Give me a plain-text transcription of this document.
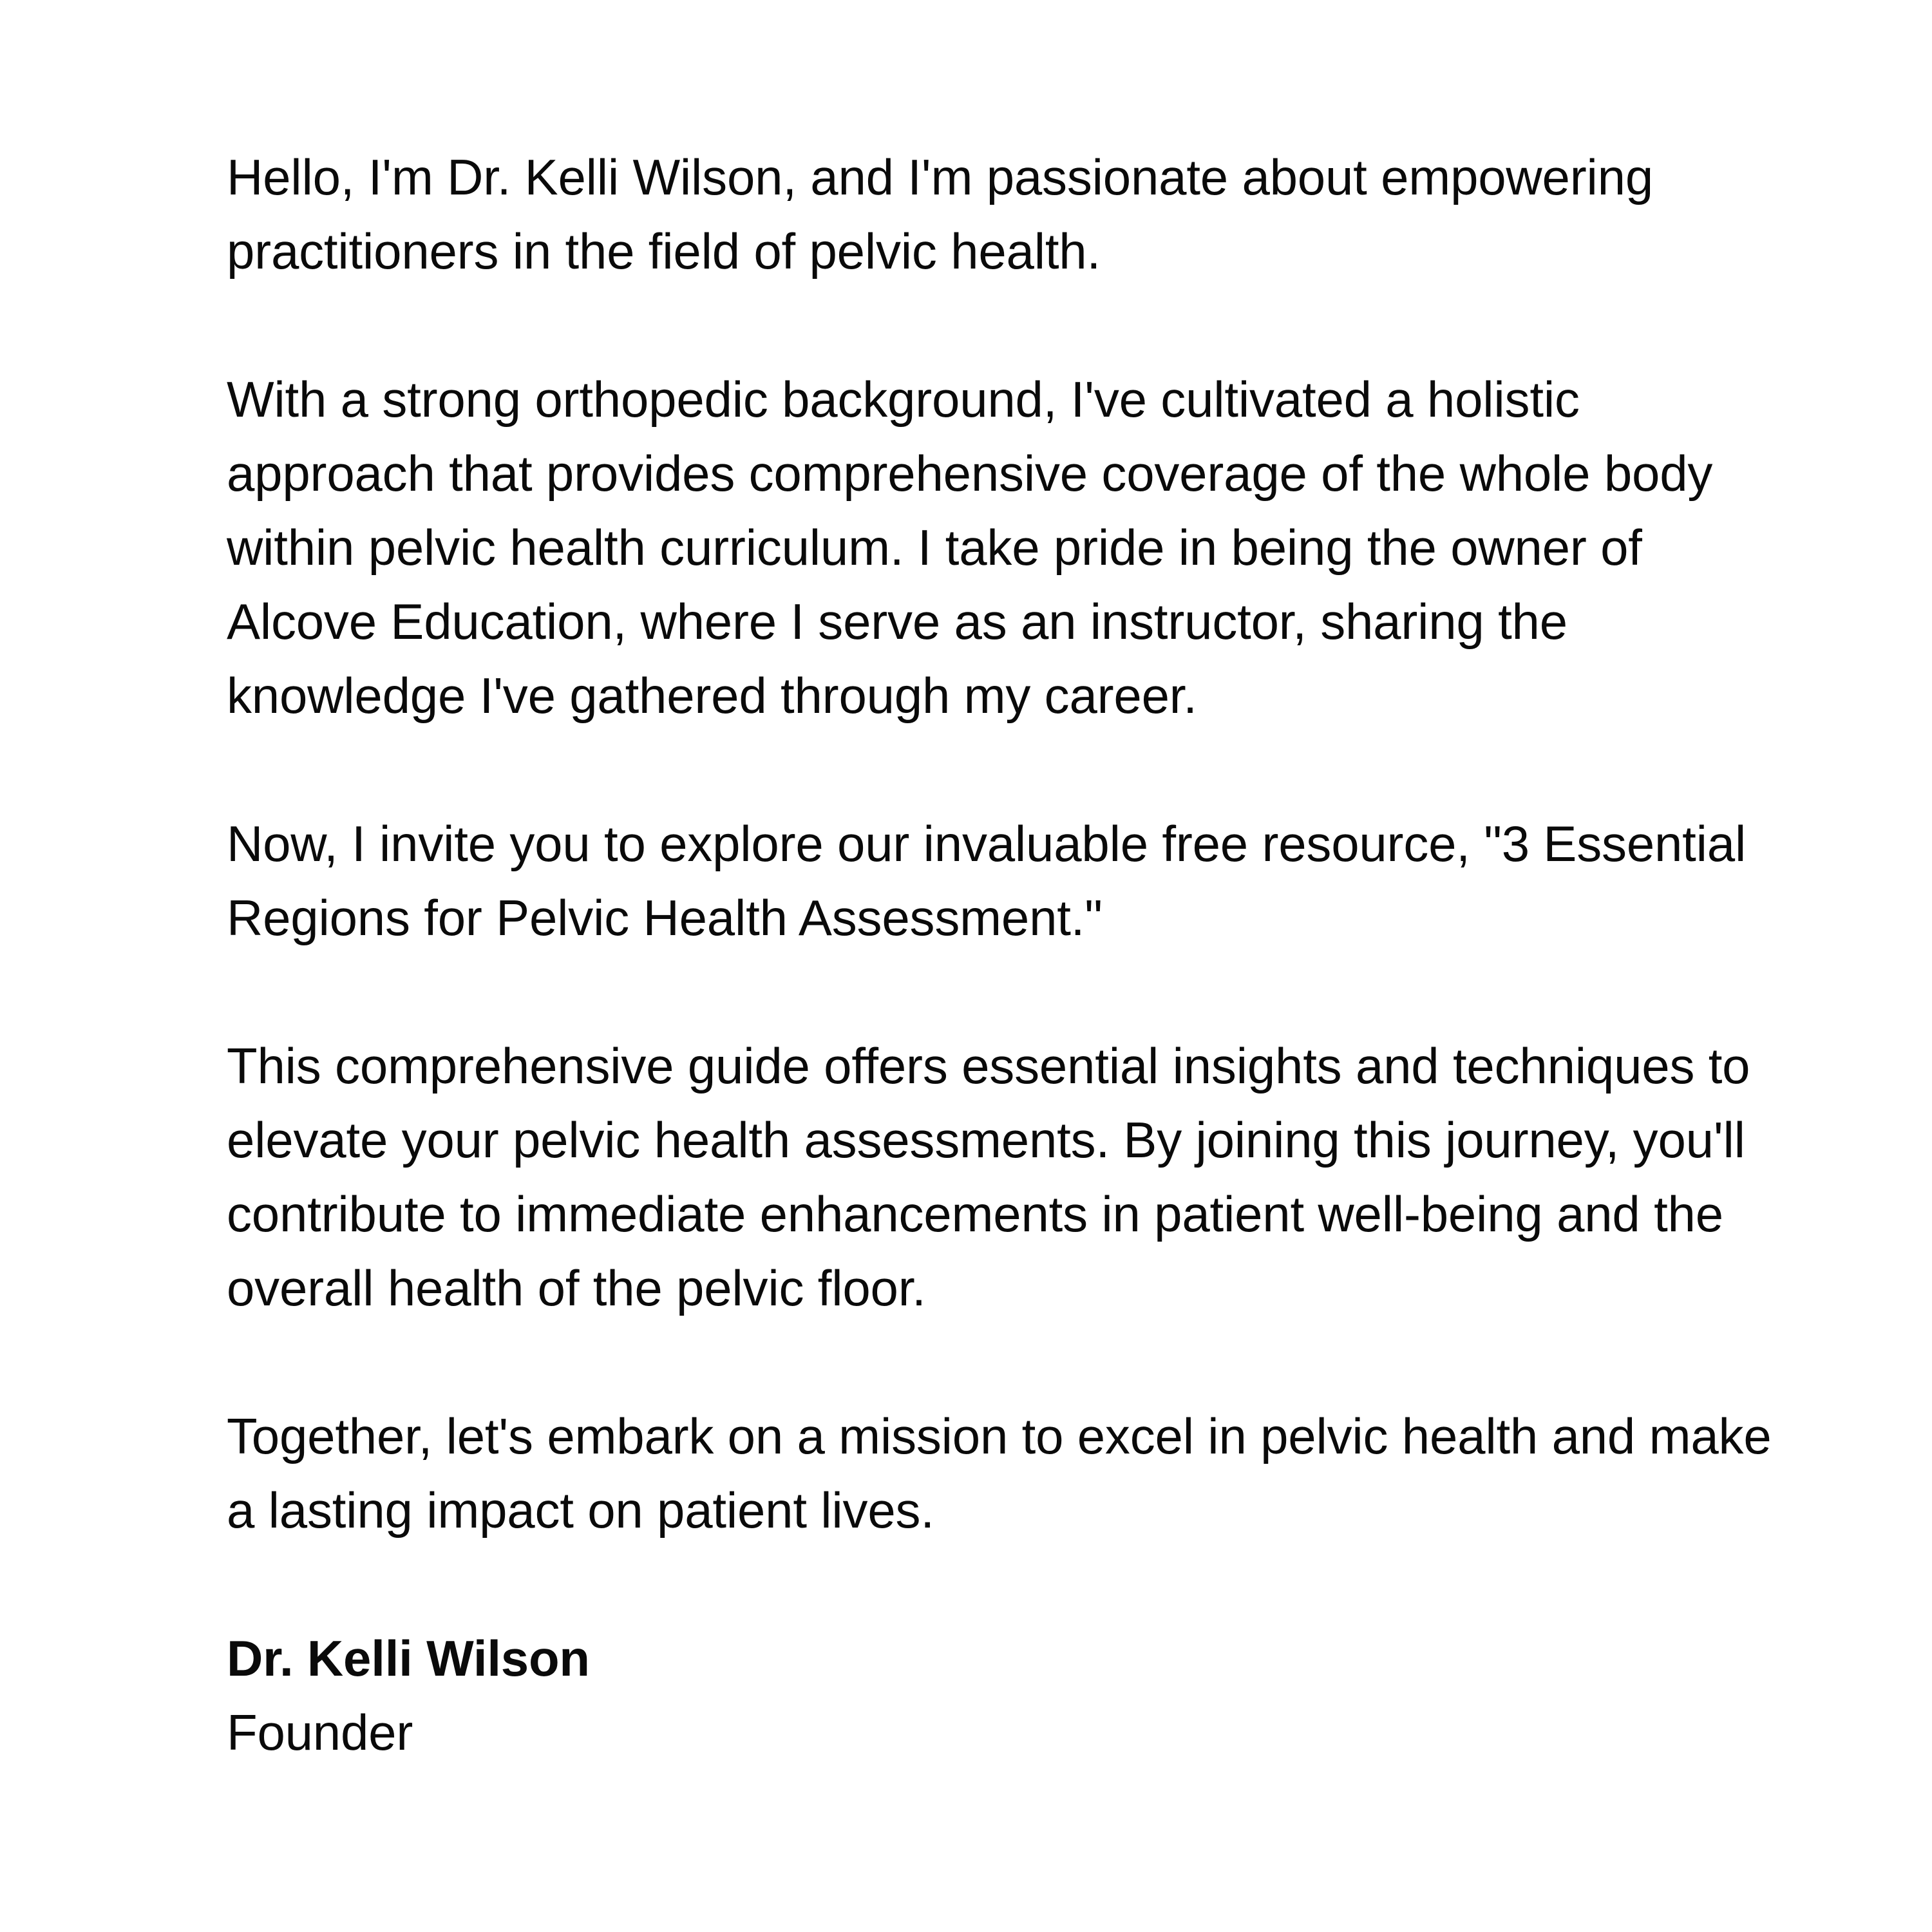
Hello, I'm Dr. Kelli Wilson, and I'm passionate about empowering practitioners in the field of pelvic health.

With a strong orthopedic background, I've cultivated a holistic approach that provides comprehensive coverage of the whole body within pelvic health curriculum. I take pride in being the owner of Alcove Education, where I serve as an instructor, sharing the knowledge I've gathered through my career.

Now, I invite you to explore our invaluable free resource, "3 Essential Regions for Pelvic Health Assessment."

This comprehensive guide offers essential insights and techniques to elevate your pelvic health assessments. By joining this journey, you'll contribute to immediate enhancements in patient well-being and the overall health of the pelvic floor.

Together, let's embark on a mission to excel in pelvic health and make a lasting impact on patient lives.

Dr. Kelli Wilson

Founder
